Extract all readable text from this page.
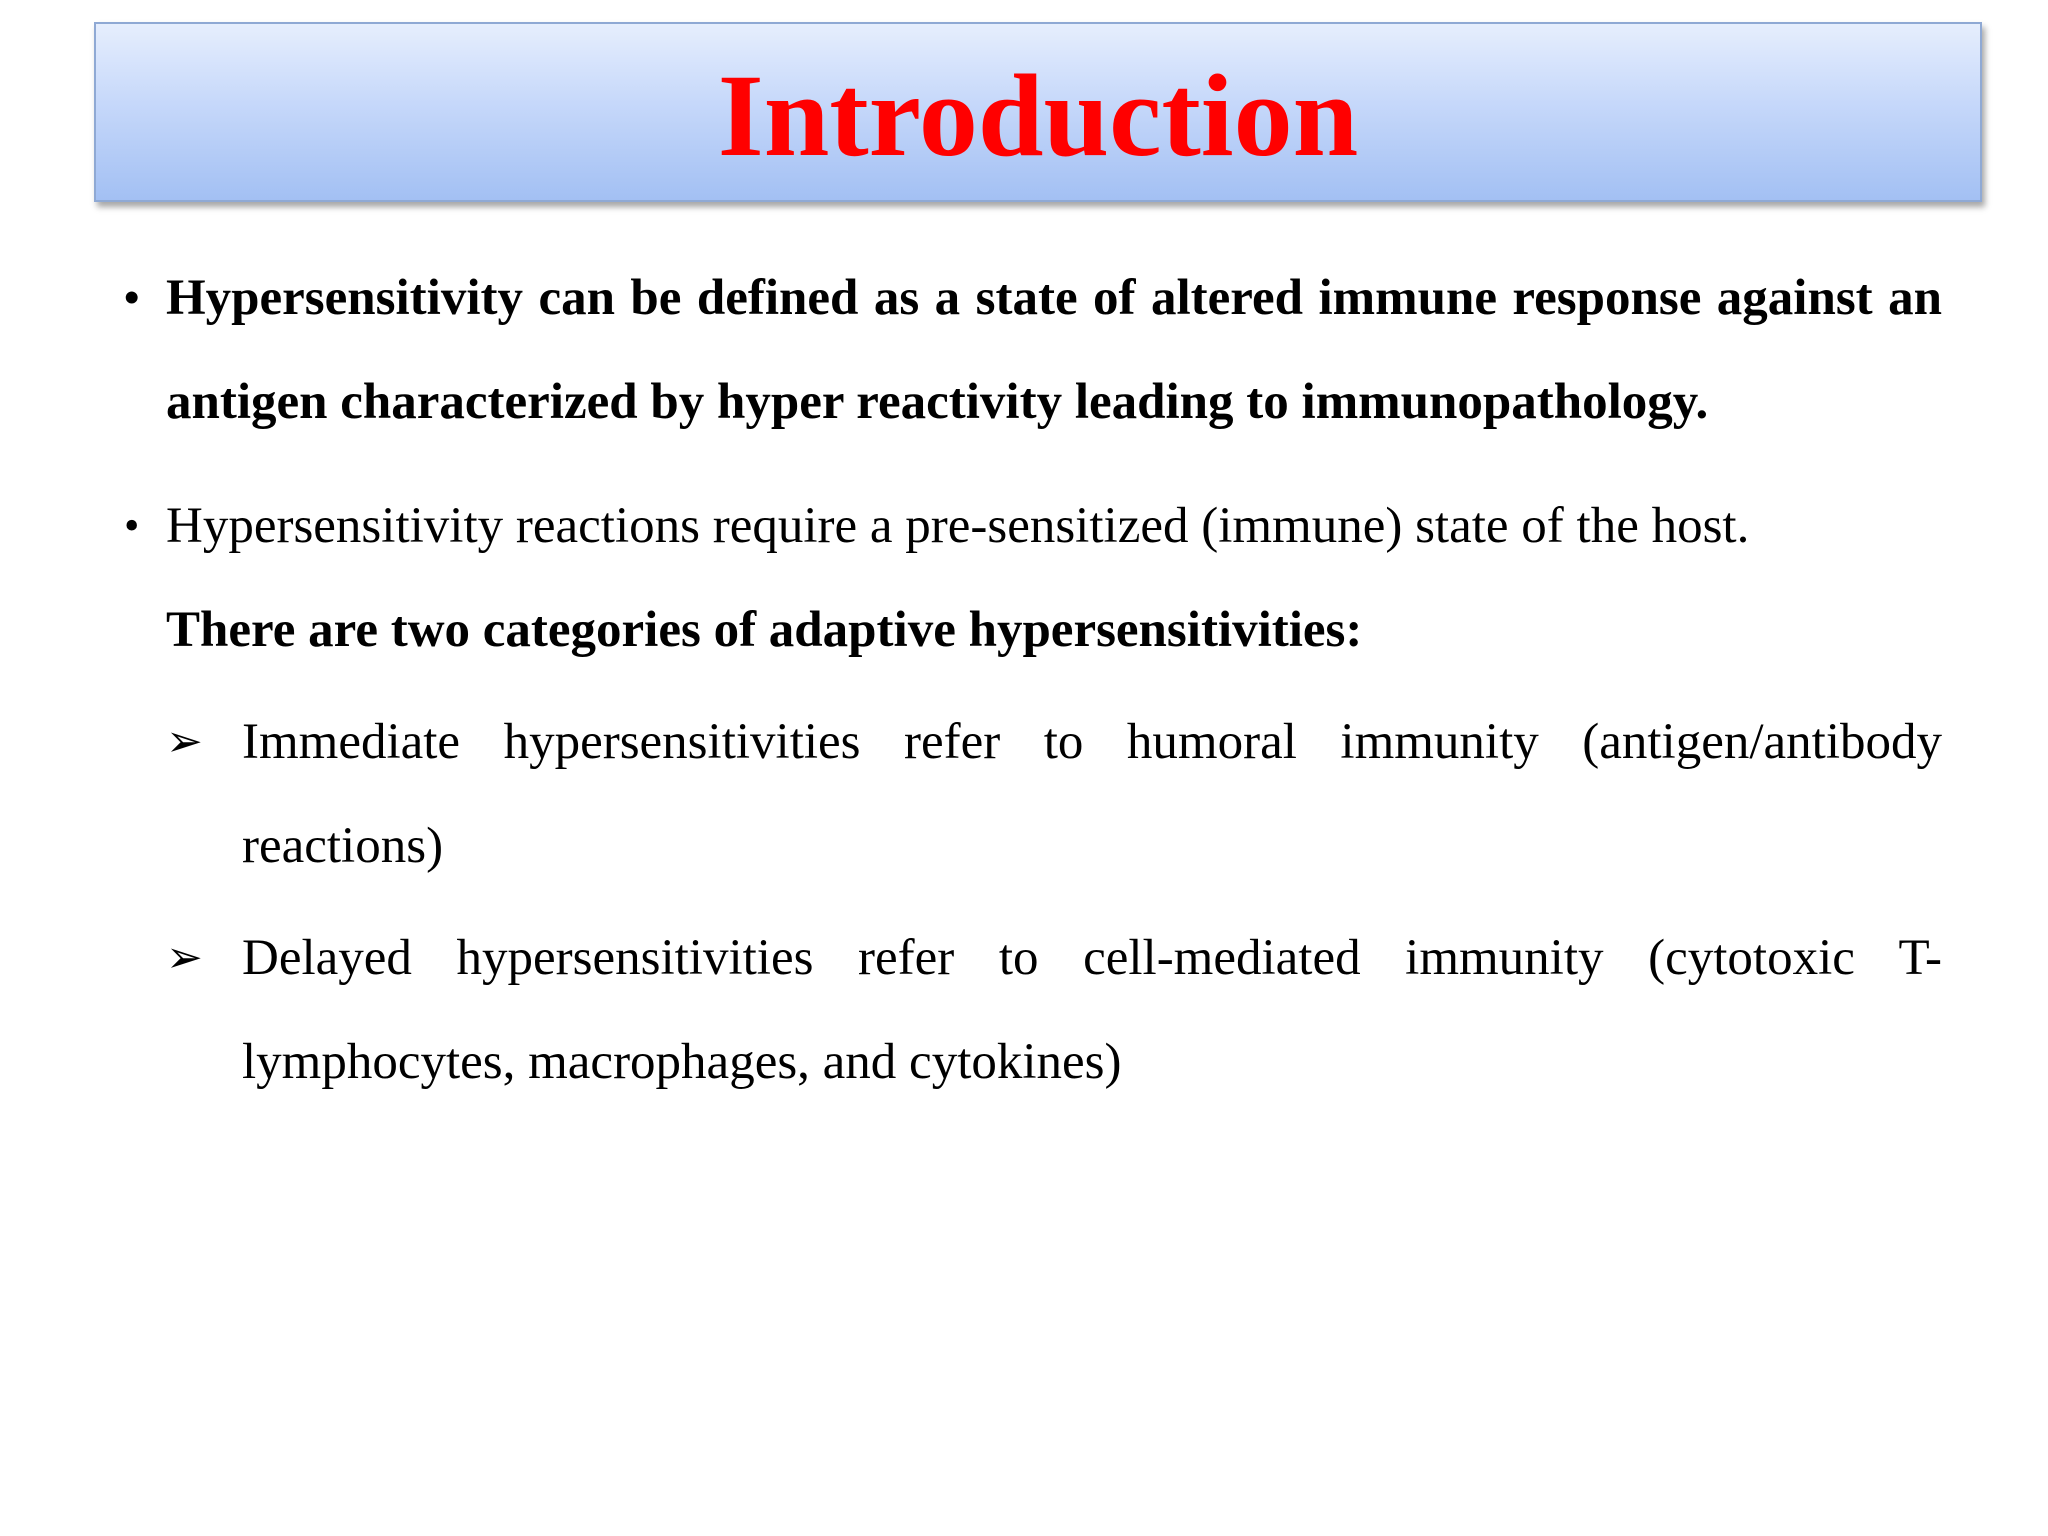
Introduction
• Hypersensitivity can be defined as a state of altered immune response against an antigen characterized by hyper reactivity leading to immunopathology.
• Hypersensitivity reactions require a pre-sensitized (immune) state of the host.
There are two categories of adaptive hypersensitivities:
➢ Immediate hypersensitivities refer to humoral immunity (antigen/antibody reactions)
➢ Delayed hypersensitivities refer to cell-mediated immunity (cytotoxic T-lymphocytes, macrophages, and cytokines)
